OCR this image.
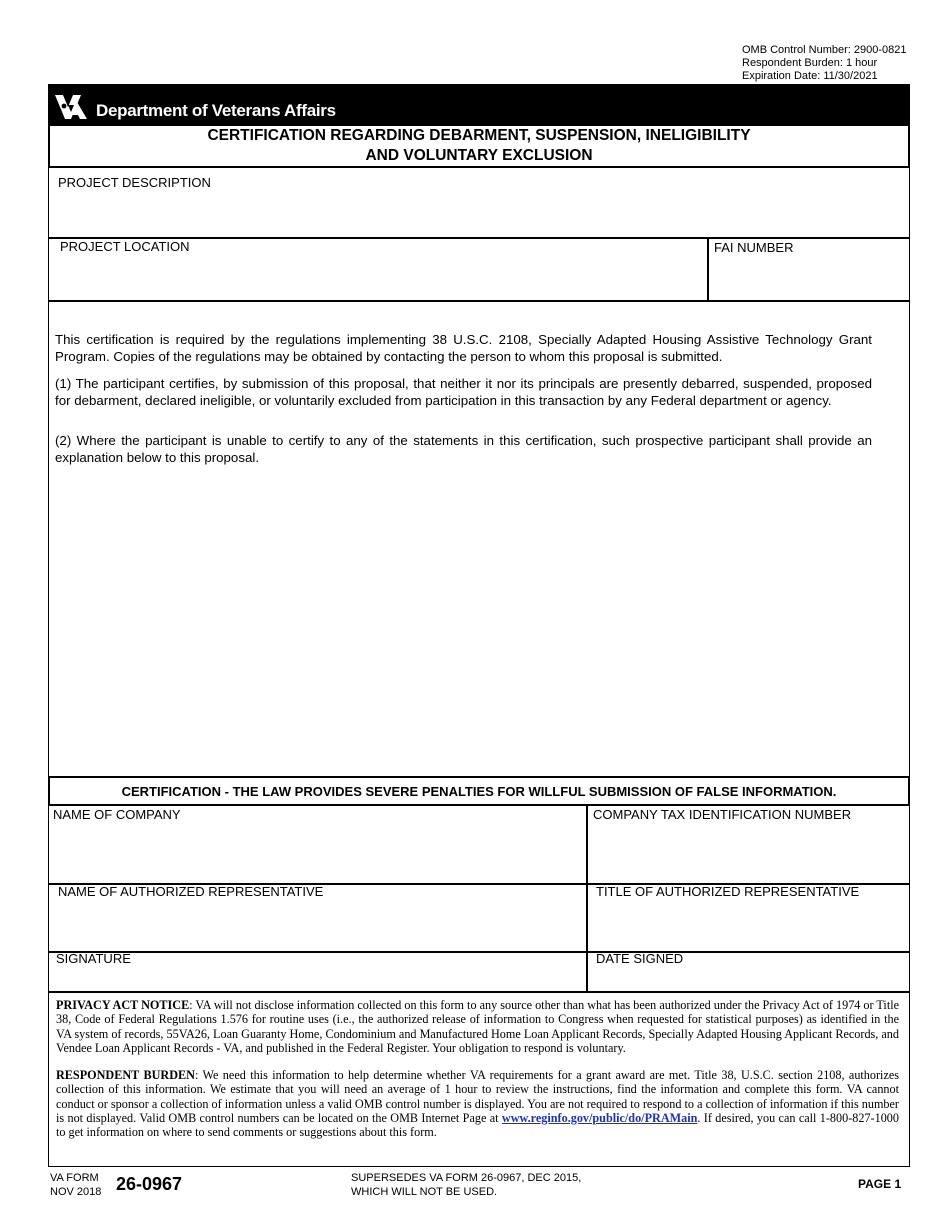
OMB Control Number: 2900-0821
Respondent Burden: 1 hour
Expiration Date: 11/30/2021
Department of Veterans Affairs
CERTIFICATION REGARDING DEBARMENT, SUSPENSION, INELIGIBILITY
AND VOLUNTARY EXCLUSION
PROJECT DESCRIPTION
PROJECT LOCATION	FAI NUMBER
This certification is required by the regulations implementing 38 U.S.C. 2108, Specially Adapted Housing Assistive Technology Grant Program. Copies of the regulations may be obtained by contacting the person to whom this proposal is submitted.
(1) The participant certifies, by submission of this proposal, that neither it nor its principals are presently debarred, suspended, proposed for debarment, declared ineligible, or voluntarily excluded from participation in this transaction by any Federal department or agency.
(2) Where the participant is unable to certify to any of the statements in this certification, such prospective participant shall provide an explanation below to this proposal.
CERTIFICATION - THE LAW PROVIDES SEVERE PENALTIES FOR WILLFUL SUBMISSION OF FALSE INFORMATION.
NAME OF COMPANY	COMPANY TAX IDENTIFICATION NUMBER
NAME OF AUTHORIZED REPRESENTATIVE	TITLE OF AUTHORIZED REPRESENTATIVE
SIGNATURE	DATE SIGNED
PRIVACY ACT NOTICE: VA will not disclose information collected on this form to any source other than what has been authorized under the Privacy Act of 1974 or Title 38, Code of Federal Regulations 1.576 for routine uses (i.e., the authorized release of information to Congress when requested for statistical purposes) as identified in the VA system of records, 55VA26, Loan Guaranty Home, Condominium and Manufactured Home Loan Applicant Records, Specially Adapted Housing Applicant Records, and Vendee Loan Applicant Records - VA, and published in the Federal Register. Your obligation to respond is voluntary.
RESPONDENT BURDEN: We need this information to help determine whether VA requirements for a grant award are met. Title 38, U.S.C. section 2108, authorizes collection of this information. We estimate that you will need an average of 1 hour to review the instructions, find the information and complete this form. VA cannot conduct or sponsor a collection of information unless a valid OMB control number is displayed. You are not required to respond to a collection of information if this number is not displayed. Valid OMB control numbers can be located on the OMB Internet Page at www.reginfo.gov/public/do/PRAMain. If desired, you can call 1-800-827-1000 to get information on where to send comments or suggestions about this form.
VA FORM
NOV 2018 26-0967	SUPERSEDES VA FORM 26-0967, DEC 2015,
WHICH WILL NOT BE USED.
PAGE 1
